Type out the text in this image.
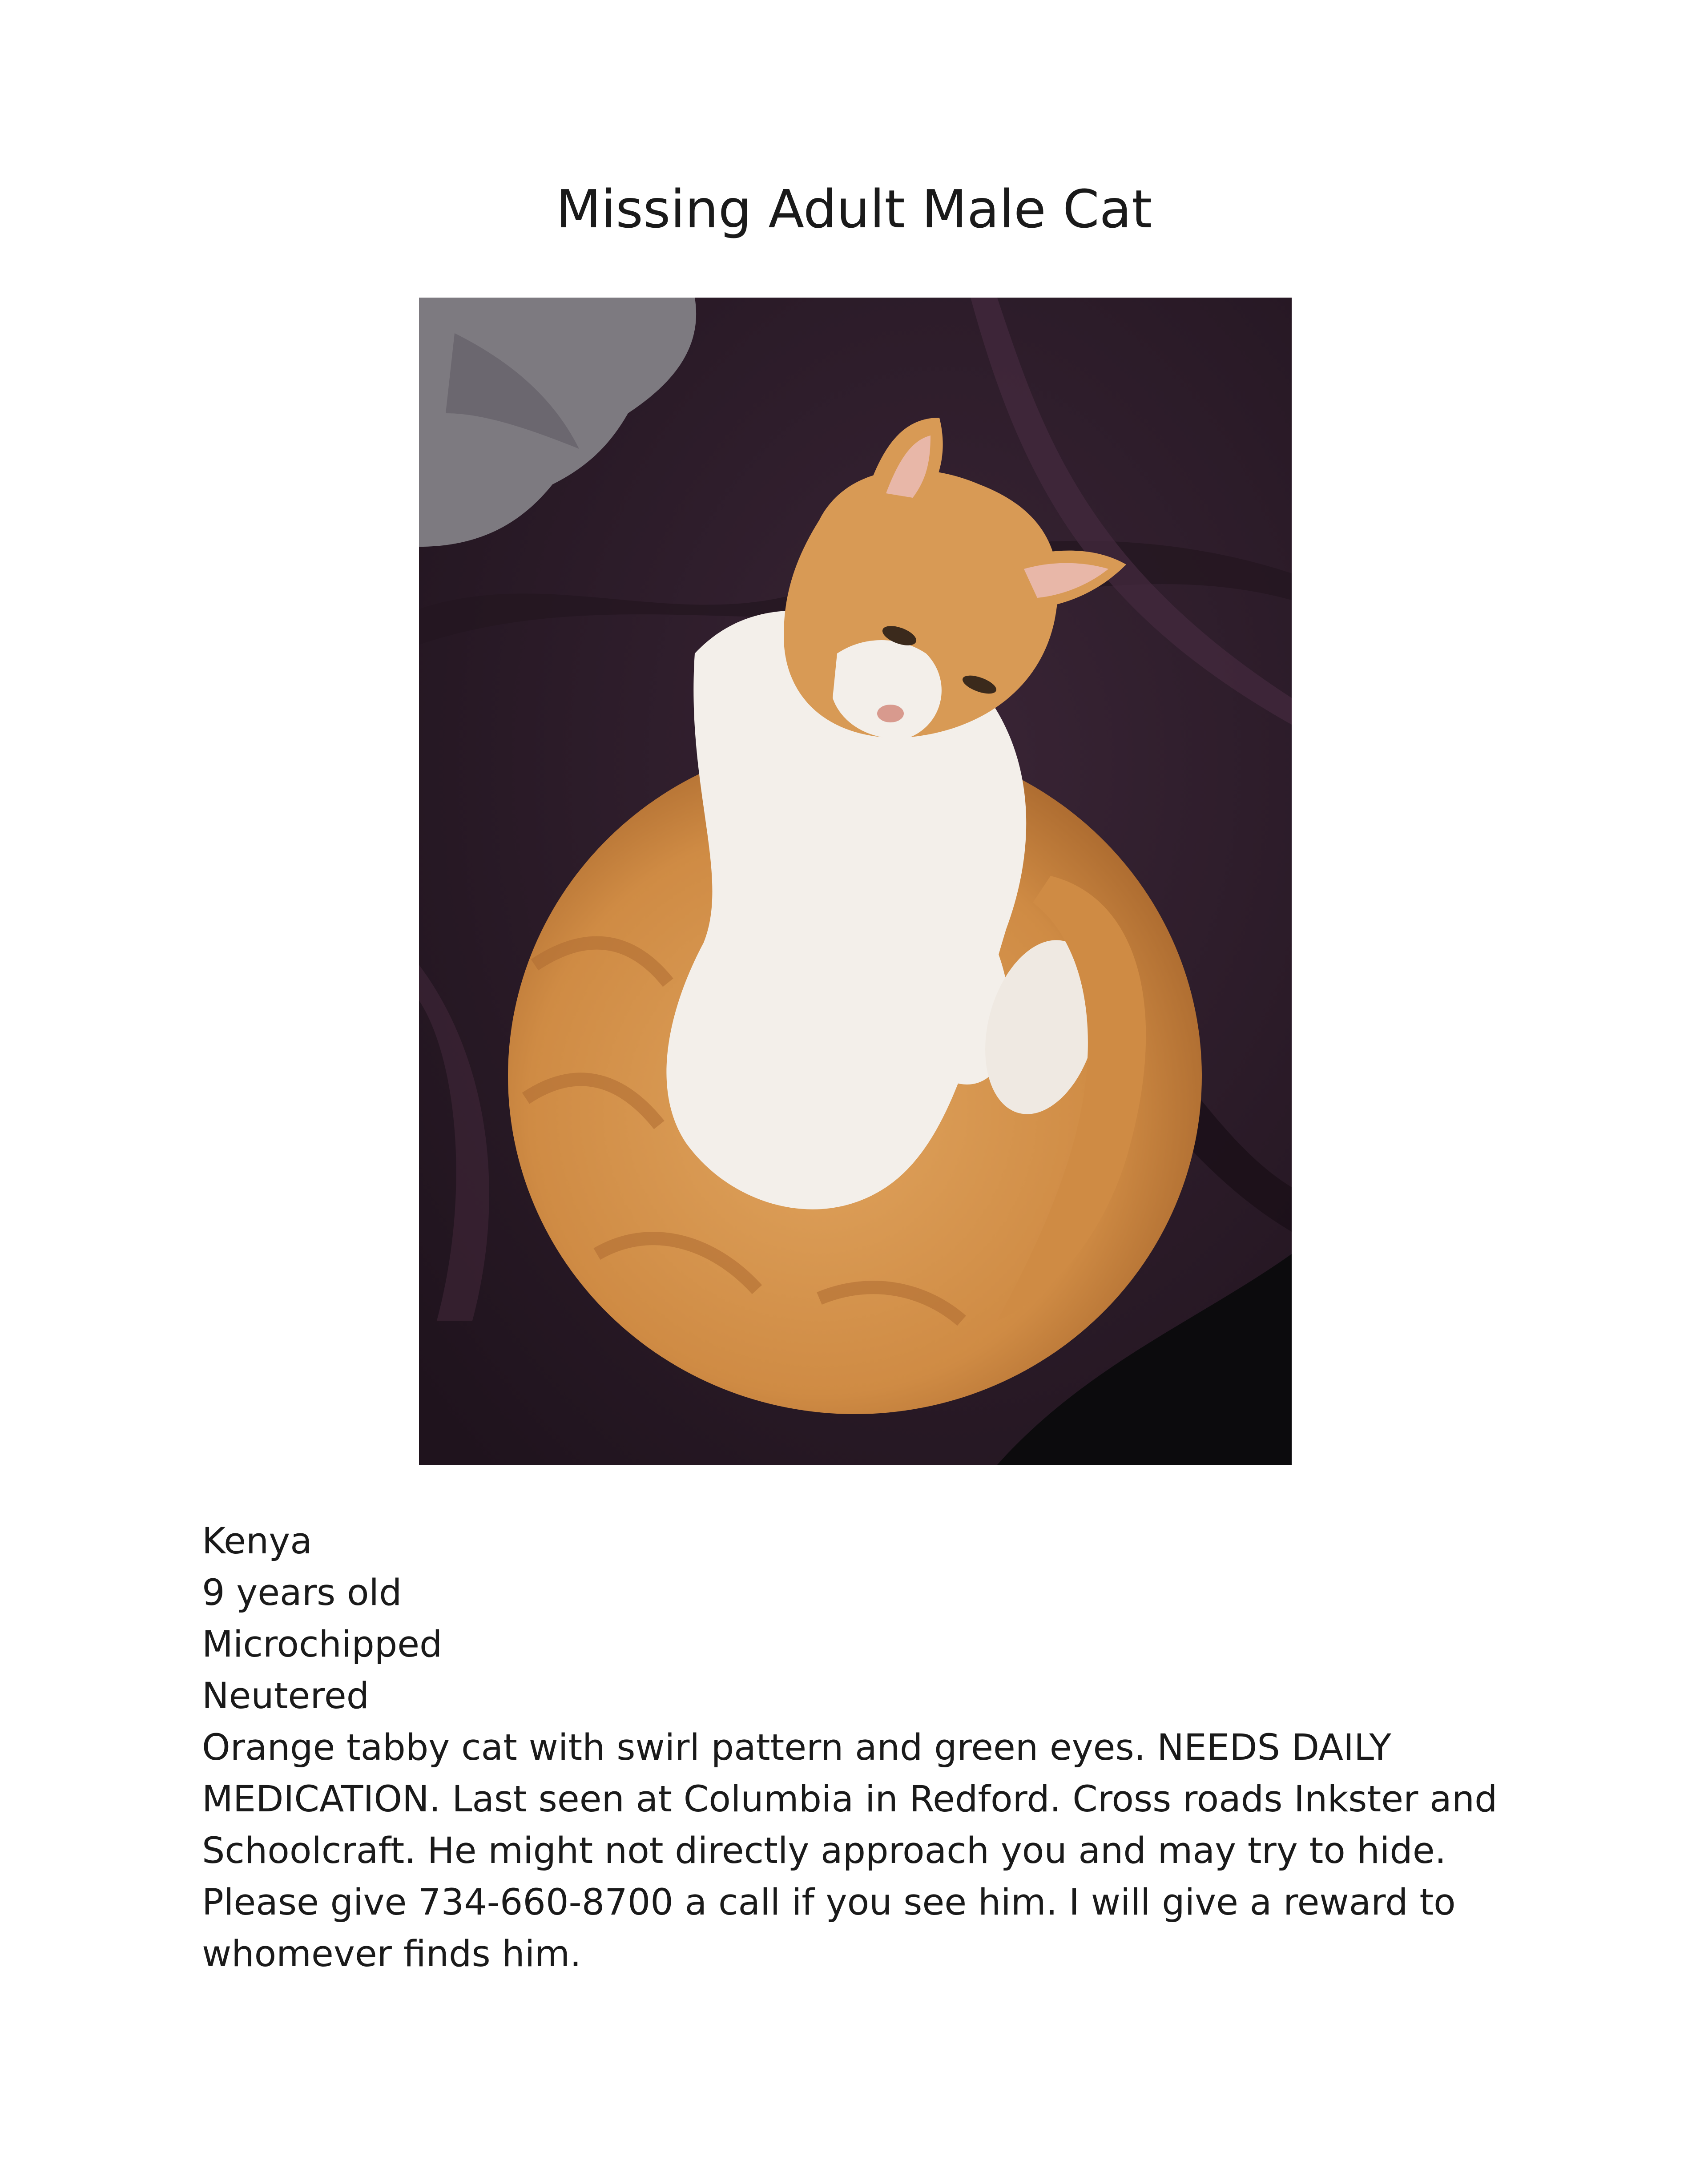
Missing Adult Male Cat
Kenya
9 years old
Microchipped
Neutered
Orange tabby cat with swirl pattern and green eyes. NEEDS DAILY MEDICATION. Last seen at Columbia in Redford. Cross roads Inkster and Schoolcraft. He might not directly approach you and may try to hide. Please give 734-660-8700 a call if you see him. I will give a reward to whomever finds him.
